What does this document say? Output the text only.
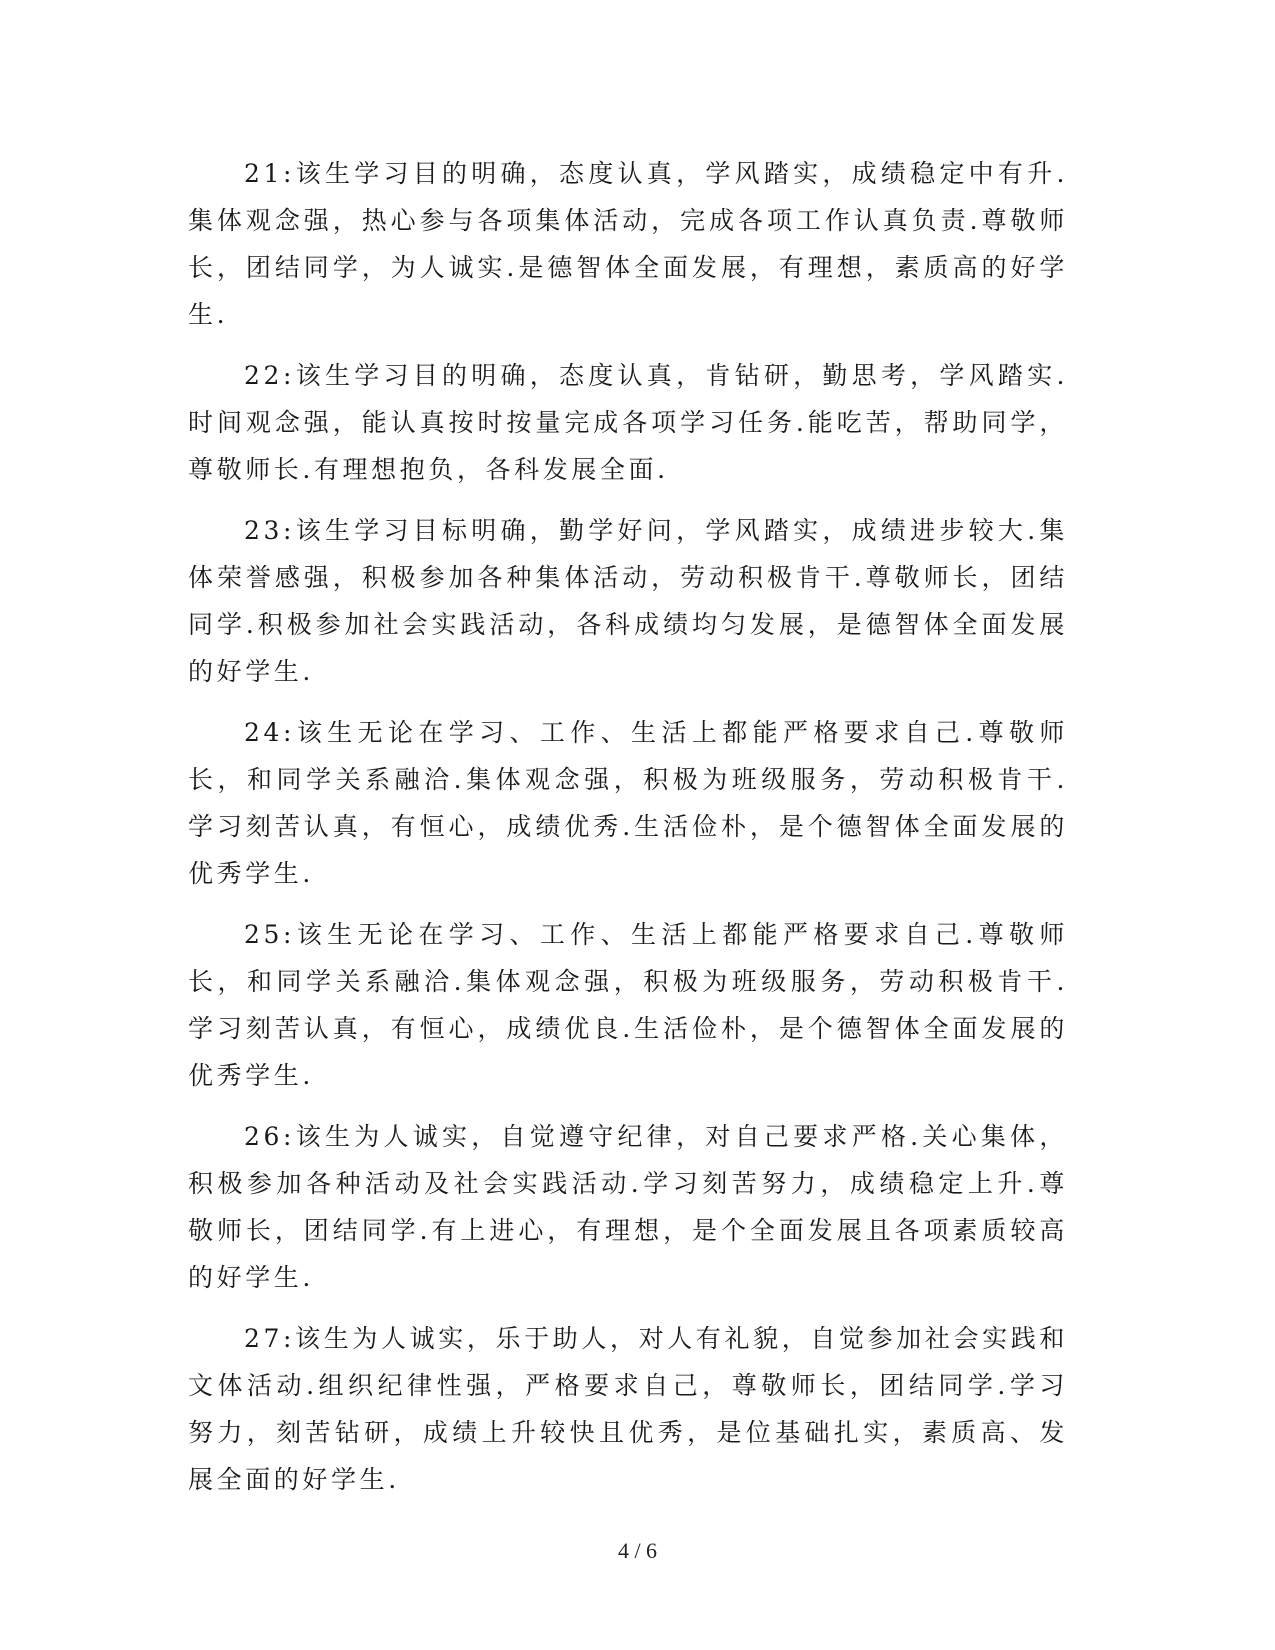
21:该生学习目的明确，态度认真，学风踏实，成绩稳定中有升.集体观念强，热心参与各项集体活动，完成各项工作认真负责.尊敬师长，团结同学，为人诚实.是德智体全面发展，有理想，素质高的好学生.

22:该生学习目的明确，态度认真，肯钻研，勤思考，学风踏实.时间观念强，能认真按时按量完成各项学习任务.能吃苦，帮助同学，尊敬师长.有理想抱负，各科发展全面.

23:该生学习目标明确，勤学好问，学风踏实，成绩进步较大.集体荣誉感强，积极参加各种集体活动，劳动积极肯干.尊敬师长，团结同学.积极参加社会实践活动，各科成绩均匀发展，是德智体全面发展的好学生.

24:该生无论在学习、工作、生活上都能严格要求自己.尊敬师长，和同学关系融洽.集体观念强，积极为班级服务，劳动积极肯干.学习刻苦认真，有恒心，成绩优秀.生活俭朴，是个德智体全面发展的优秀学生.

25:该生无论在学习、工作、生活上都能严格要求自己.尊敬师长，和同学关系融洽.集体观念强，积极为班级服务，劳动积极肯干.学习刻苦认真，有恒心，成绩优良.生活俭朴，是个德智体全面发展的优秀学生.

26:该生为人诚实，自觉遵守纪律，对自己要求严格.关心集体，积极参加各种活动及社会实践活动.学习刻苦努力，成绩稳定上升.尊敬师长，团结同学.有上进心，有理想，是个全面发展且各项素质较高的好学生.

27:该生为人诚实，乐于助人，对人有礼貌，自觉参加社会实践和文体活动.组织纪律性强，严格要求自己，尊敬师长，团结同学.学习努力，刻苦钻研，成绩上升较快且优秀，是位基础扎实，素质高、发展全面的好学生.

4 / 6
